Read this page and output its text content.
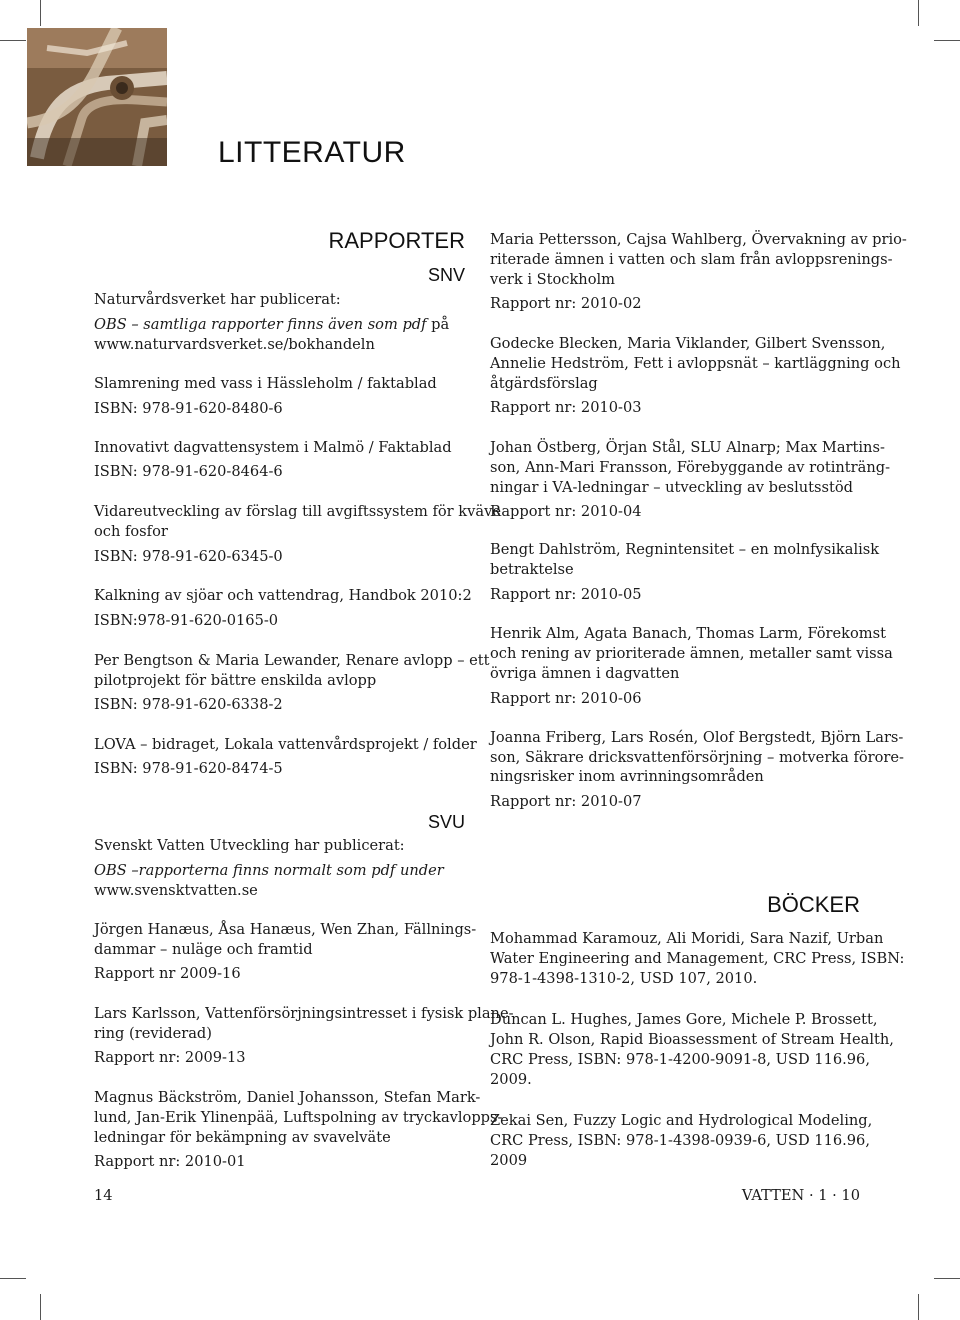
LITTERATUR
RAPPORTER
SNV
SVU
BÖCKER

Naturvårdsverket har publicerat:

OBS – samtliga rapporter finns även som pdf på

www.naturvardsverket.se/bokhandeln

Slamrening med vass i Hässleholm / faktablad

ISBN: 978-91-620-8480-6

Innovativt dagvattensystem i Malmö / Faktablad

ISBN: 978-91-620-8464-6

Vidareutveckling av förslag till avgiftssystem för kväve

och fosfor

ISBN: 978-91-620-6345-0

Kalkning av sjöar och vattendrag, Handbok 2010:2

ISBN:978-91-620-0165-0

Per Bengtson & Maria Lewander, Renare avlopp – ett

pilotprojekt för bättre enskilda avlopp

ISBN: 978-91-620-6338-2

LOVA – bidraget, Lokala vattenvårdsprojekt / folder

ISBN: 978-91-620-8474-5

Svenskt Vatten Utveckling har publicerat:

OBS –rapporterna finns normalt som pdf under

www.svensktvatten.se

Jörgen Hanæus, Åsa Hanæus, Wen Zhan, Fällnings-

dammar – nuläge och framtid

Rapport nr 2009-16

Lars Karlsson, Vattenförsörjningsintresset i fysisk plane-

ring (reviderad)

Rapport nr: 2009-13

Magnus Bäckström, Daniel Johansson, Stefan Mark-

lund, Jan-Erik Ylinenpää, Luftspolning av tryckavlopps-

ledningar för bekämpning av svavelväte

Rapport nr: 2010-01

Maria Pettersson, Cajsa Wahlberg, Övervakning av prio-

riterade ämnen i vatten och slam från avloppsrenings-

verk i Stockholm

Rapport nr: 2010-02

Godecke Blecken, Maria Viklander, Gilbert Svensson,

Annelie Hedström, Fett i avloppsnät – kartläggning och

åtgärdsförslag

Rapport nr: 2010-03

Johan Östberg, Örjan Stål, SLU Alnarp; Max Martins-

son, Ann-Mari Fransson, Förebyggande av rotinträng-

ningar i VA-ledningar – utveckling av beslutsstöd

Rapport nr: 2010-04

Bengt Dahlström, Regnintensitet – en molnfysikalisk

betraktelse

Rapport nr: 2010-05

Henrik Alm, Agata Banach, Thomas Larm, Förekomst

och rening av prioriterade ämnen, metaller samt vissa

övriga ämnen i dagvatten

Rapport nr: 2010-06

Joanna Friberg, Lars Rosén, Olof Bergstedt, Björn Lars-

son, Säkrare dricksvattenförsörjning – motverka förore-

ningsrisker inom avrinningsområden

Rapport nr: 2010-07

Mohammad Karamouz, Ali Moridi, Sara Nazif, Urban

Water Engineering and Management, CRC Press, ISBN:

978-1-4398-1310-2, USD 107, 2010.

Duncan L. Hughes, James Gore, Michele P. Brossett,

John R. Olson, Rapid Bioassessment of Stream Health,

CRC Press, ISBN: 978-1-4200-9091-8, USD 116.96,

2009.

Zekai Sen, Fuzzy Logic and Hydrological Modeling,

CRC Press, ISBN: 978-1-4398-0939-6, USD 116.96,

2009

14	VATTEN · 1 · 10
